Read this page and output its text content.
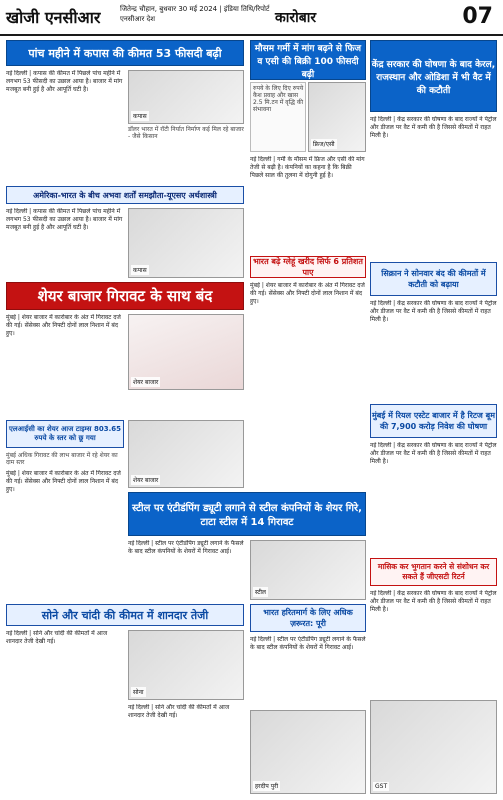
खोजी एनसीआर	जितेन्द्र चौहान, बुधवार 30 मई 2024 | इंडिया तिथि/रिपोर्ट एनसीआर देश	कारोबार	07
पांच महीने में कपास की कीमत 53 फीसदी बढ़ी
नई दिल्ली | कपास की कीमत में पिछले पांच महीने में लगभग 53 फीसदी का उछाल आया है। बाजार में मांग मजबूत बनी हुई है और आपूर्ति घटी है।
कपास
डॉलर भारत में रॉटी निर्यात निर्माण कई मिल रहे बाजार - जैसे किसान
मौसम गर्मी में मांग बढ़ने से फिज व एसी की बिक्री 100 फीसदी बढ़ी
रुपये के लिए दिए रुपये कैश प्रवाह और खास 2.5 मि.टन में वृद्धि की संभावना
फ्रिज/एसी
नई दिल्ली | गर्मी के मौसम में फ्रिज और एसी की मांग तेजी से बढ़ी है। कंपनियों का कहना है कि बिक्री पिछले साल की तुलना में दोगुनी हुई है।
केंद्र सरकार की घोषणा के बाद केरल, राजस्थान और ओडिशा में भी वैट में की कटौती
नई दिल्ली | केंद्र सरकार की घोषणा के बाद राज्यों ने पेट्रोल और डीजल पर वैट में कमी की है जिससे कीमतों में राहत मिली है।
अमेरिका-भारत के बीच अभवा शर्तों समझौता-यूएसए अर्थशास्त्री
नई दिल्ली | कपास की कीमत में पिछले पांच महीने में लगभग 53 फीसदी का उछाल आया है। बाजार में मांग मजबूत बनी हुई है और आपूर्ति घटी है।
कपास
शेयर बाजार गिरावट के साथ बंद
मुंबई | शेयर बाजार में कारोबार के अंत में गिरावट दर्ज की गई। सेंसेक्स और निफ्टी दोनों लाल निशान में बंद हुए।
शेयर बाजार
भारत बढ़े ग्लेहूं खरीद सिर्फ 6 प्रतिशत पाए
मुंबई | शेयर बाजार में कारोबार के अंत में गिरावट दर्ज की गई। सेंसेक्स और निफ्टी दोनों लाल निशान में बंद हुए।
सिक्रान ने सोनवार बंद की कीमतों में कटौती को बढ़ाया
नई दिल्ली | केंद्र सरकार की घोषणा के बाद राज्यों ने पेट्रोल और डीजल पर वैट में कमी की है जिससे कीमतों में राहत मिली है।
एलआईसी का शेयर आज टाइम्स 803.65 रुपये के स्तर को छू गया
मुंबई अधिक गिरावट की लाभ बाजार में रहे शेयर का दाम स्तर
मुंबई | शेयर बाजार में कारोबार के अंत में गिरावट दर्ज की गई। सेंसेक्स और निफ्टी दोनों लाल निशान में बंद हुए।
शेयर बाजार
स्टील पर एंटीडंपिंग ड्यूटी लगाने से स्टील कंपनियों के शेयर गिरे, टाटा स्टील में 14 गिरावट
नई दिल्ली | स्टील पर एंटीडंपिंग ड्यूटी लगाने के फैसले के बाद स्टील कंपनियों के शेयरों में गिरावट आई।
स्टील
मुंबई में रियल एस्टेट बाजार में है रिटज बूम की 7,900 करोड़ निवेश की घोषणा
नई दिल्ली | केंद्र सरकार की घोषणा के बाद राज्यों ने पेट्रोल और डीजल पर वैट में कमी की है जिससे कीमतों में राहत मिली है।
मासिक कर भुगतान करने से संशोधन कर सकते हैं जीएसटी रिटर्न
नई दिल्ली | केंद्र सरकार की घोषणा के बाद राज्यों ने पेट्रोल और डीजल पर वैट में कमी की है जिससे कीमतों में राहत मिली है।
GST
सोने और चांदी की कीमत में शानदार तेजी
नई दिल्ली | सोने और चांदी की कीमतों में आज शानदार तेजी देखी गई।
सोना
नई दिल्ली | सोने और चांदी की कीमतों में आज शानदार तेजी देखी गई।
भारत हरितमार्ग के लिए अधिक ज़रूरत: पूरी
नई दिल्ली | स्टील पर एंटीडंपिंग ड्यूटी लगाने के फैसले के बाद स्टील कंपनियों के शेयरों में गिरावट आई।
हरदीप पुरी
